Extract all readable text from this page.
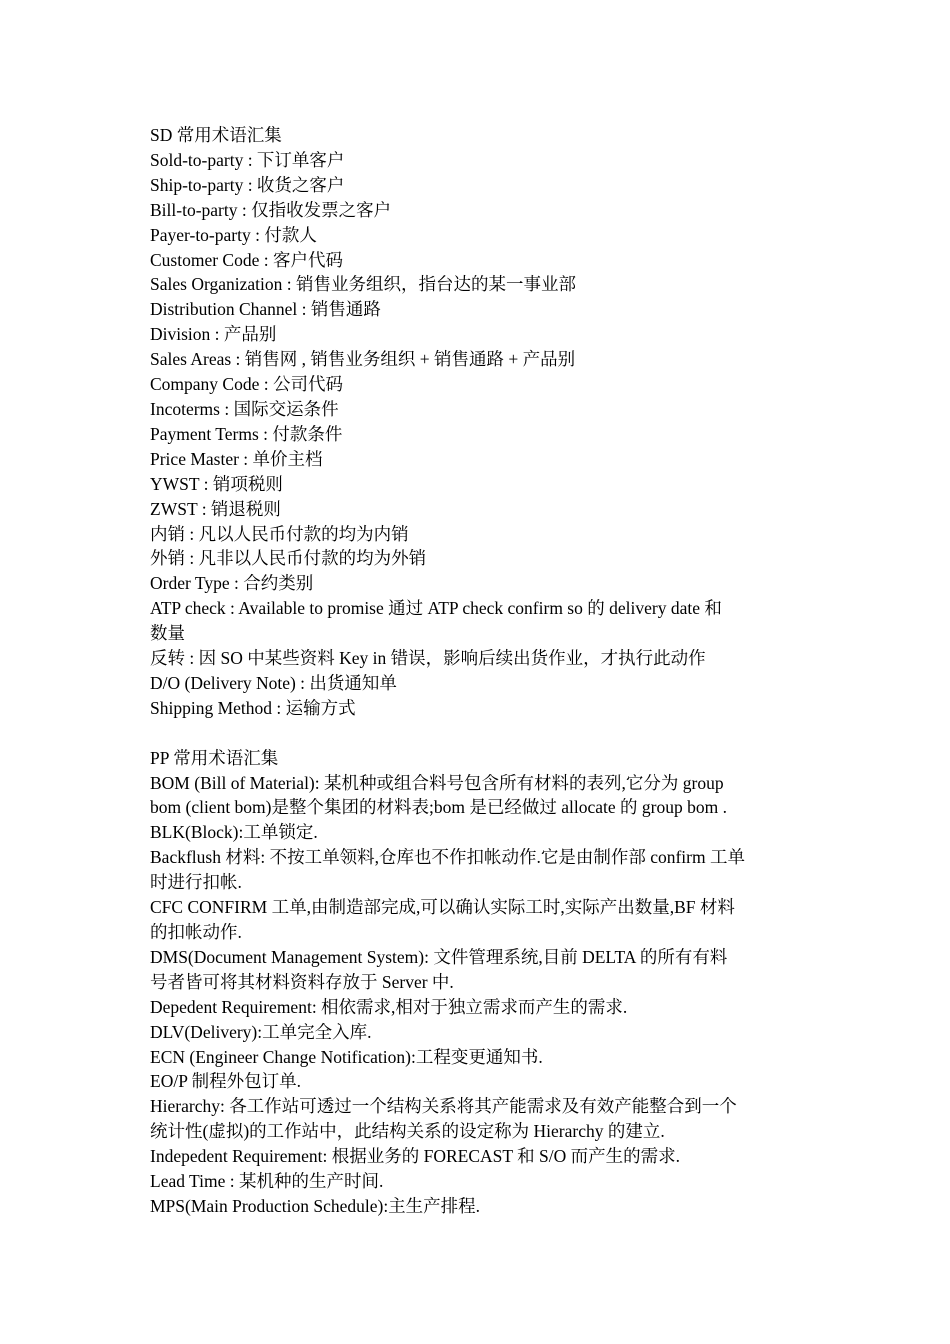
SD 常用术语汇集
Sold-to-party : 下订单客户
Ship-to-party : 收货之客户
Bill-to-party : 仅指收发票之客户
Payer-to-party : 付款人
Customer Code : 客户代码
Sales Organization : 销售业务组织，指台达的某一事业部
Distribution Channel : 销售通路
Division : 产品别
Sales Areas : 销售网 , 销售业务组织 + 销售通路 + 产品别
Company Code : 公司代码
Incoterms : 国际交运条件
Payment Terms : 付款条件
Price Master : 单价主档
YWST : 销项税则
ZWST : 销退税则
内销 : 凡以人民币付款的均为内销
外销 : 凡非以人民币付款的均为外销
Order Type : 合约类别
ATP check : Available to promise 通过 ATP check confirm so 的 delivery date 和
数量
反转 : 因 SO 中某些资料 Key in 错误，影响后续出货作业，才执行此动作
D/O (Delivery Note) : 出货通知单
Shipping Method : 运输方式
PP 常用术语汇集
BOM (Bill of Material): 某机种或组合料号包含所有材料的表列,它分为 group
bom (client bom)是整个集团的材料表;bom 是已经做过 allocate 的 group bom .
BLK(Block):工单锁定.
Backflush 材料: 不按工单领料,仓库也不作扣帐动作.它是由制作部 confirm 工单
时进行扣帐.
CFC CONFIRM 工单,由制造部完成,可以确认实际工时,实际产出数量,BF 材料
的扣帐动作.
DMS(Document Management System): 文件管理系统,目前 DELTA 的所有有料
号者皆可将其材料资料存放于 Server 中.
Depedent Requirement: 相依需求,相对于独立需求而产生的需求.
DLV(Delivery):工单完全入库.
ECN (Engineer Change Notification):工程变更通知书.
EO/P 制程外包订单.
Hierarchy: 各工作站可透过一个结构关系将其产能需求及有效产能整合到一个
统计性(虚拟)的工作站中，此结构关系的设定称为 Hierarchy 的建立.
Indepedent Requirement: 根据业务的 FORECAST 和 S/O 而产生的需求.
Lead Time : 某机种的生产时间.
MPS(Main Production Schedule):主生产排程.
